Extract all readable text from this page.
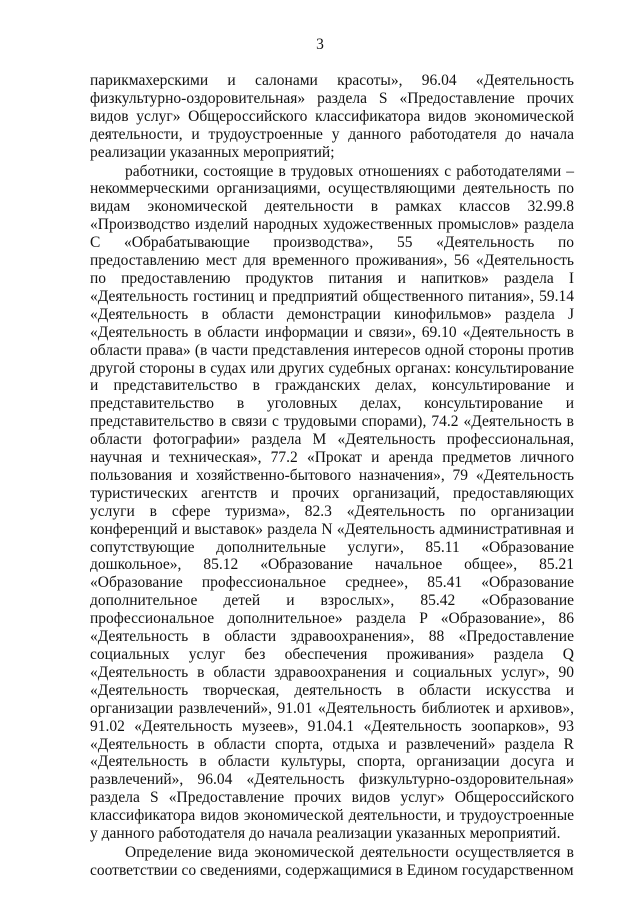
3

парикмахерскими и салонами красоты», 96.04 «Деятельность физкультурно-оздоровительная» раздела S «Предоставление прочих видов услуг» Общероссийского классификатора видов экономической деятельности, и трудоустроенные у данного работодателя до начала реализации указанных мероприятий;

работники, состоящие в трудовых отношениях с работодателями – некоммерческими организациями, осуществляющими деятельность по видам экономической деятельности в рамках классов 32.99.8 «Производство изделий народных художественных промыслов» раздела C «Обрабатывающие производства», 55 «Деятельность по предоставлению мест для временного проживания», 56 «Деятельность по предоставлению продуктов питания и напитков» раздела I «Деятельность гостиниц и предприятий общественного питания», 59.14 «Деятельность в области демонстрации кинофильмов» раздела J «Деятельность в области информации и связи», 69.10 «Деятельность в области права» (в части представления интересов одной стороны против другой стороны в судах или других судебных органах: консультирование и представительство в гражданских делах, консультирование и представительство в уголовных делах, консультирование и представительство в связи с трудовыми спорами), 74.2 «Деятельность в области фотографии» раздела M «Деятельность профессиональная, научная и техническая», 77.2 «Прокат и аренда предметов личного пользования и хозяйственно-бытового назначения», 79 «Деятельность туристических агентств и прочих организаций, предоставляющих услуги в сфере туризма», 82.3 «Деятельность по организации конференций и выставок» раздела N «Деятельность административная и сопутствующие дополнительные услуги», 85.11 «Образование дошкольное», 85.12 «Образование начальное общее», 85.21 «Образование профессиональное среднее», 85.41 «Образование дополнительное детей и взрослых», 85.42 «Образование профессиональное дополнительное» раздела P «Образование», 86 «Деятельность в области здравоохранения», 88 «Предоставление социальных услуг без обеспечения проживания» раздела Q «Деятельность в области здравоохранения и социальных услуг», 90 «Деятельность творческая, деятельность в области искусства и организации развлечений», 91.01 «Деятельность библиотек и архивов», 91.02 «Деятельность музеев», 91.04.1 «Деятельность зоопарков», 93 «Деятельность в области спорта, отдыха и развлечений» раздела R «Деятельность в области культуры, спорта, организации досуга и развлечений», 96.04 «Деятельность физкультурно-оздоровительная» раздела S «Предоставление прочих видов услуг» Общероссийского классификатора видов экономической деятельности, и трудоустроенные у данного работодателя до начала реализации указанных мероприятий.

Определение вида экономической деятельности осуществляется в соответствии со сведениями, содержащимися в Едином государственном
